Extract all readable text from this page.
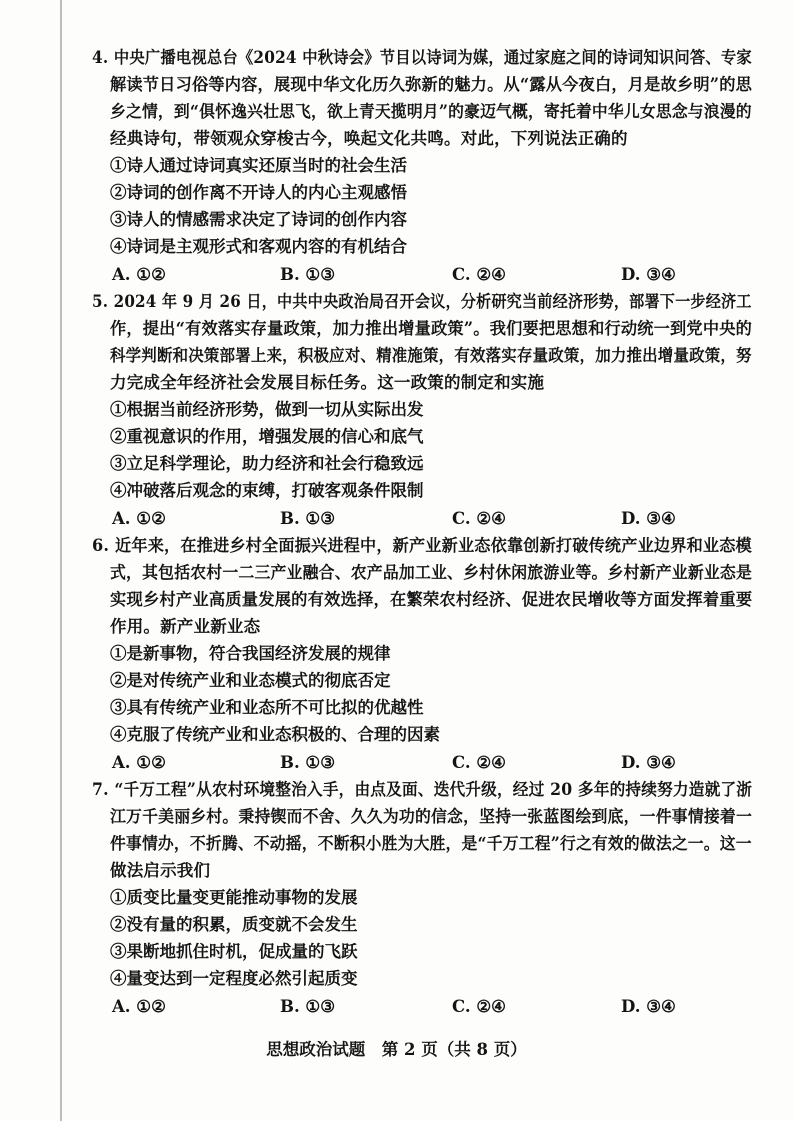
4. 中央广播电视总台《2024 中秋诗会》节目以诗词为媒，通过家庭之间的诗词知识问答、专家
解读节日习俗等内容，展现中华文化历久弥新的魅力。从“露从今夜白，月是故乡明”的思
乡之情，到“俱怀逸兴壮思飞，欲上青天揽明月”的豪迈气概，寄托着中华儿女思念与浪漫的
经典诗句，带领观众穿梭古今，唤起文化共鸣。对此，下列说法正确的
①诗人通过诗词真实还原当时的社会生活
②诗词的创作离不开诗人的内心主观感悟
③诗人的情感需求决定了诗词的创作内容
④诗词是主观形式和客观内容的有机结合
A. ①②	B. ①③	C. ②④	D. ③④
5. 2024 年 9 月 26 日，中共中央政治局召开会议，分析研究当前经济形势，部署下一步经济工
作，提出“有效落实存量政策，加力推出增量政策”。我们要把思想和行动统一到党中央的
科学判断和决策部署上来，积极应对、精准施策，有效落实存量政策，加力推出增量政策，努
力完成全年经济社会发展目标任务。这一政策的制定和实施
①根据当前经济形势，做到一切从实际出发
②重视意识的作用，增强发展的信心和底气
③立足科学理论，助力经济和社会行稳致远
④冲破落后观念的束缚，打破客观条件限制
A. ①②	B. ①③	C. ②④	D. ③④
6. 近年来，在推进乡村全面振兴进程中，新产业新业态依靠创新打破传统产业边界和业态模
式，其包括农村一二三产业融合、农产品加工业、乡村休闲旅游业等。乡村新产业新业态是
实现乡村产业高质量发展的有效选择，在繁荣农村经济、促进农民增收等方面发挥着重要
作用。新产业新业态
①是新事物，符合我国经济发展的规律
②是对传统产业和业态模式的彻底否定
③具有传统产业和业态所不可比拟的优越性
④克服了传统产业和业态积极的、合理的因素
A. ①②	B. ①③	C. ②④	D. ③④
7. “千万工程”从农村环境整治入手，由点及面、迭代升级，经过 20 多年的持续努力造就了浙
江万千美丽乡村。秉持锲而不舍、久久为功的信念，坚持一张蓝图绘到底，一件事情接着一
件事情办，不折腾、不动摇，不断积小胜为大胜，是“千万工程”行之有效的做法之一。这一
做法启示我们
①质变比量变更能推动事物的发展
②没有量的积累，质变就不会发生
③果断地抓住时机，促成量的飞跃
④量变达到一定程度必然引起质变
A. ①②	B. ①③	C. ②④	D. ③④
思想政治试题　第 2 页（共 8 页）
